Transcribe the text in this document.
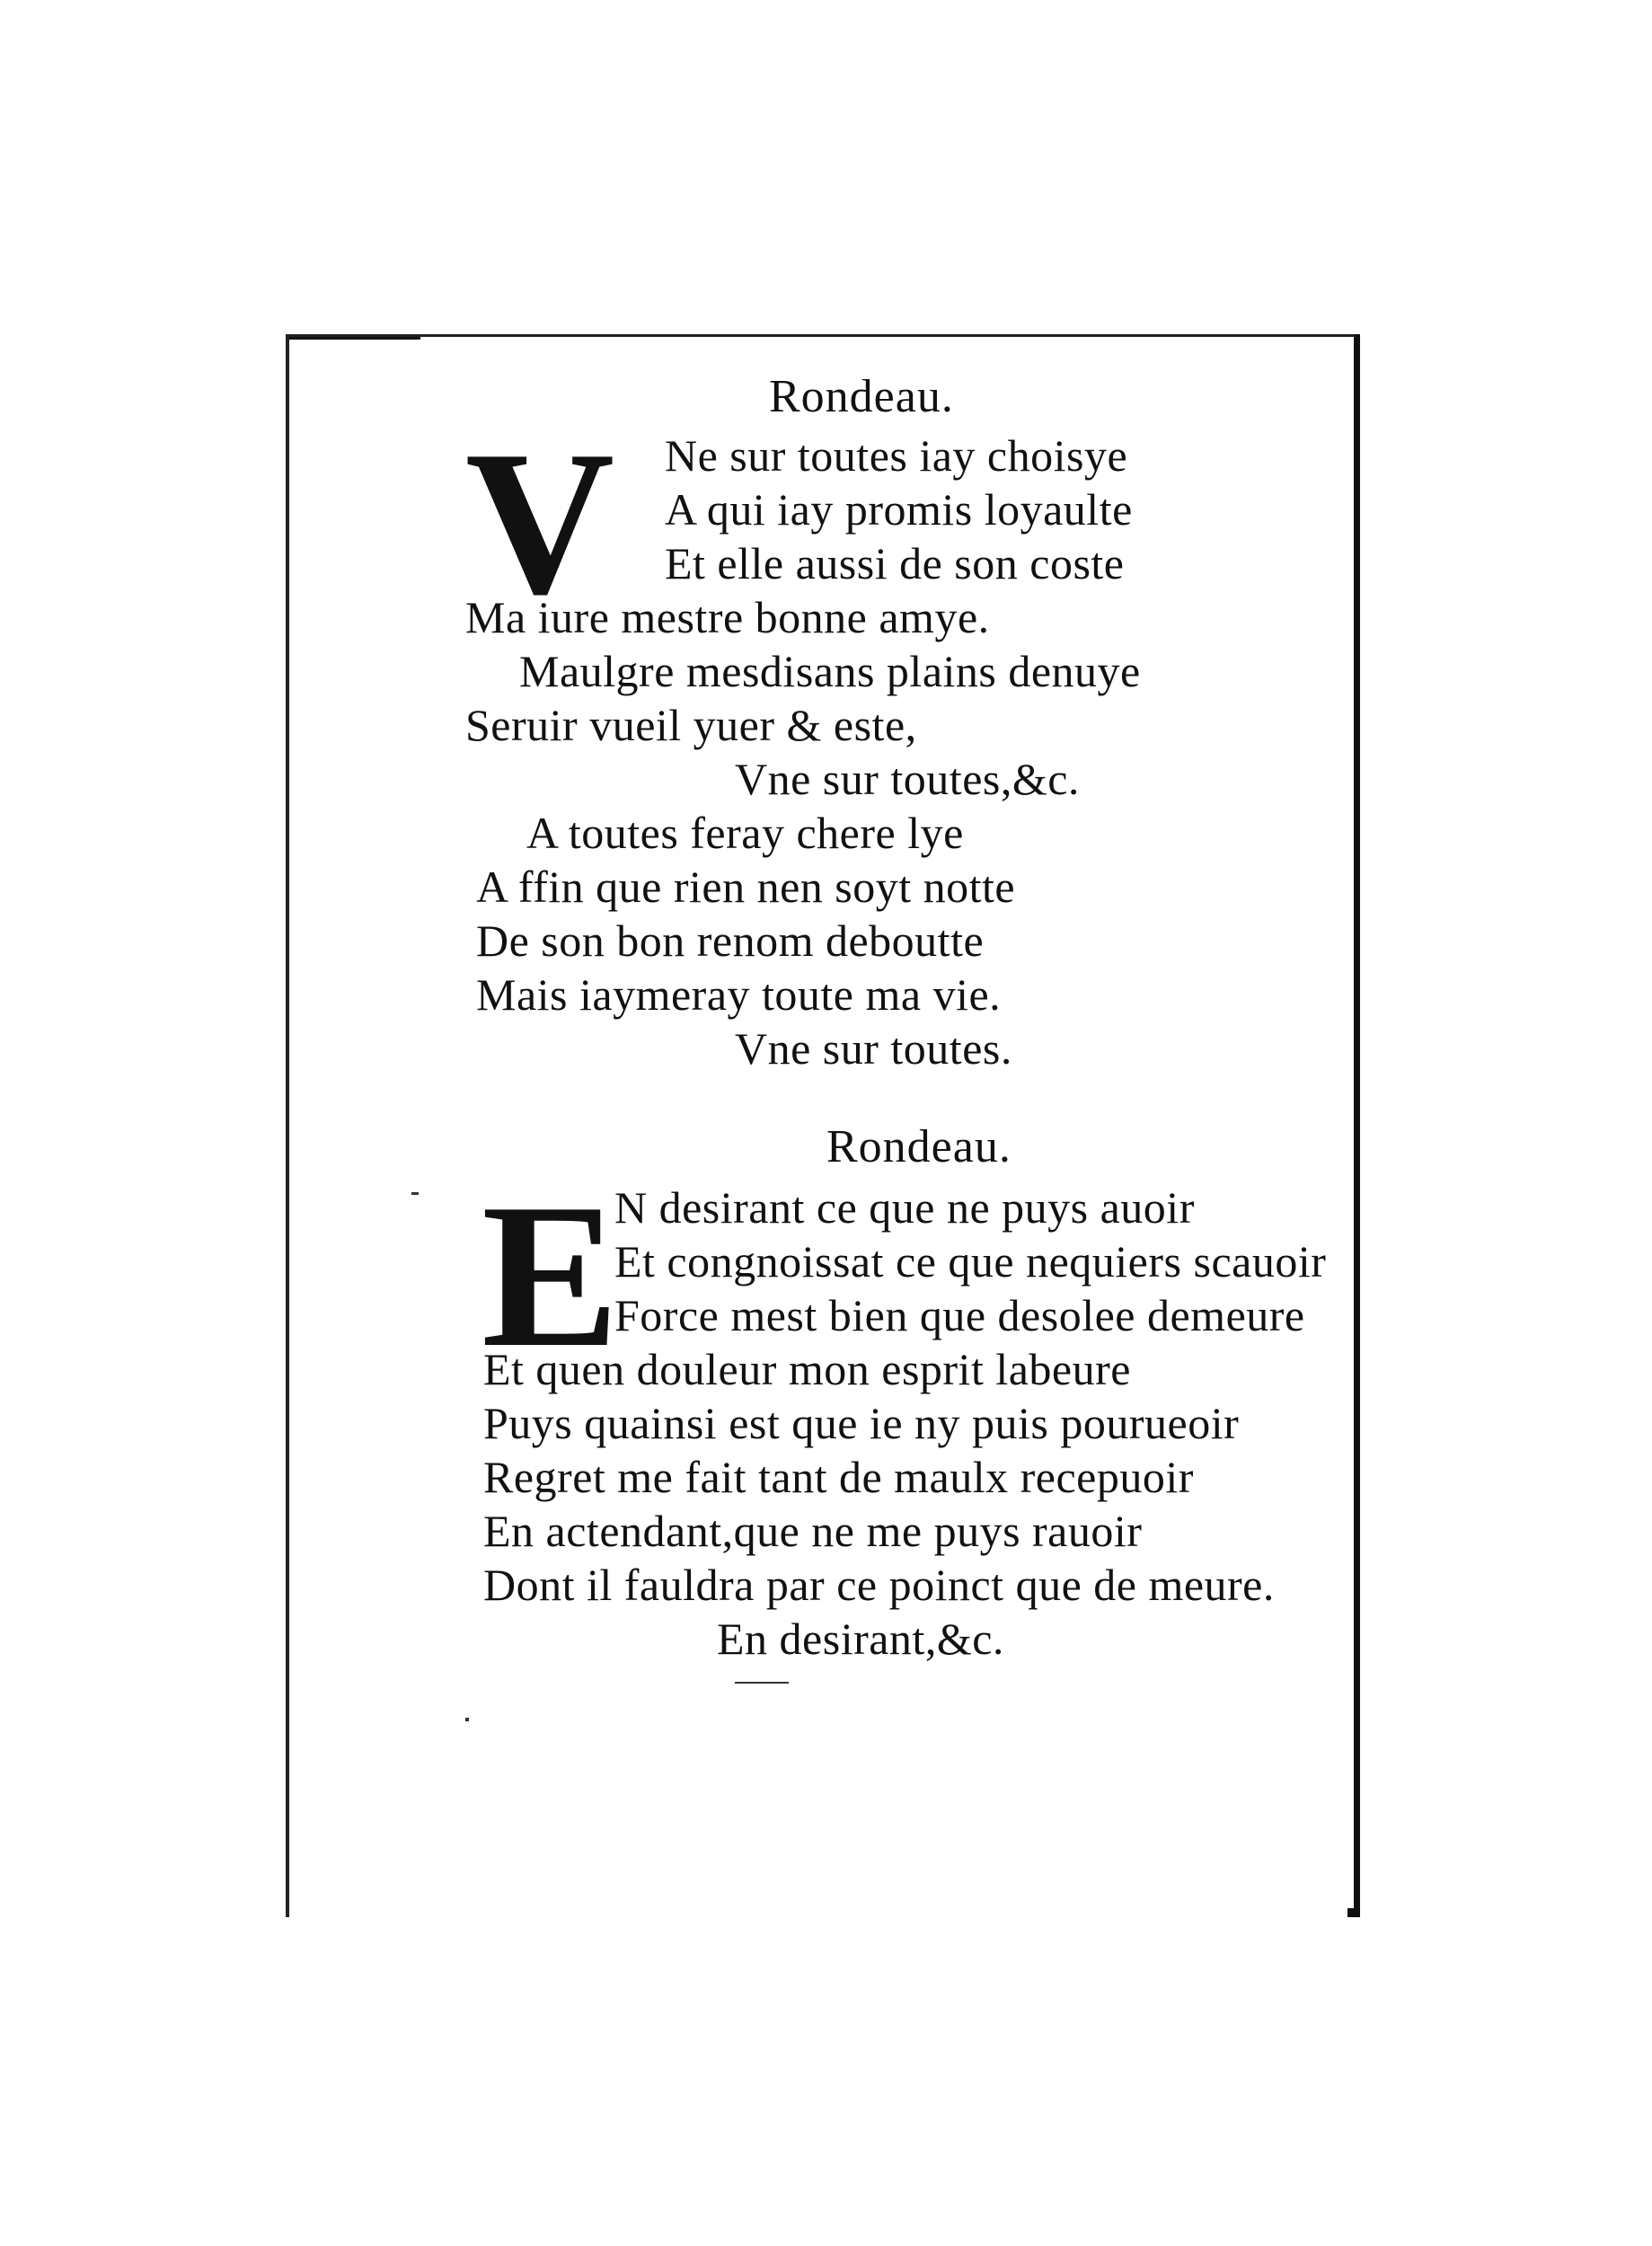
Rondeau.
V Ne sur toutes iay choisye
A qui iay promis loyaulte
Et elle aussi de son coste
Ma iure mestre bonne amye.
Maulgre mesdisans plains denuye
Seruir vueil yuer & este,
Vne sur toutes,&c.
A toutes feray chere lye
A ffin que rien nen soyt notte
De son bon renom deboutte
Mais iaymeray toute ma vie.
Vne sur toutes.
Rondeau.
E
N desirant ce que ne puys auoir
Et congnoissat ce que nequiers scauoir
Force mest bien que desolee demeure
Et quen douleur mon esprit labeure
Puys quainsi est que ie ny puis pourueoir
Regret me fait tant de maulx recepuoir
En actendant,que ne me puys rauoir
Dont il fauldra par ce poinct que de meure.
En desirant,&c.
